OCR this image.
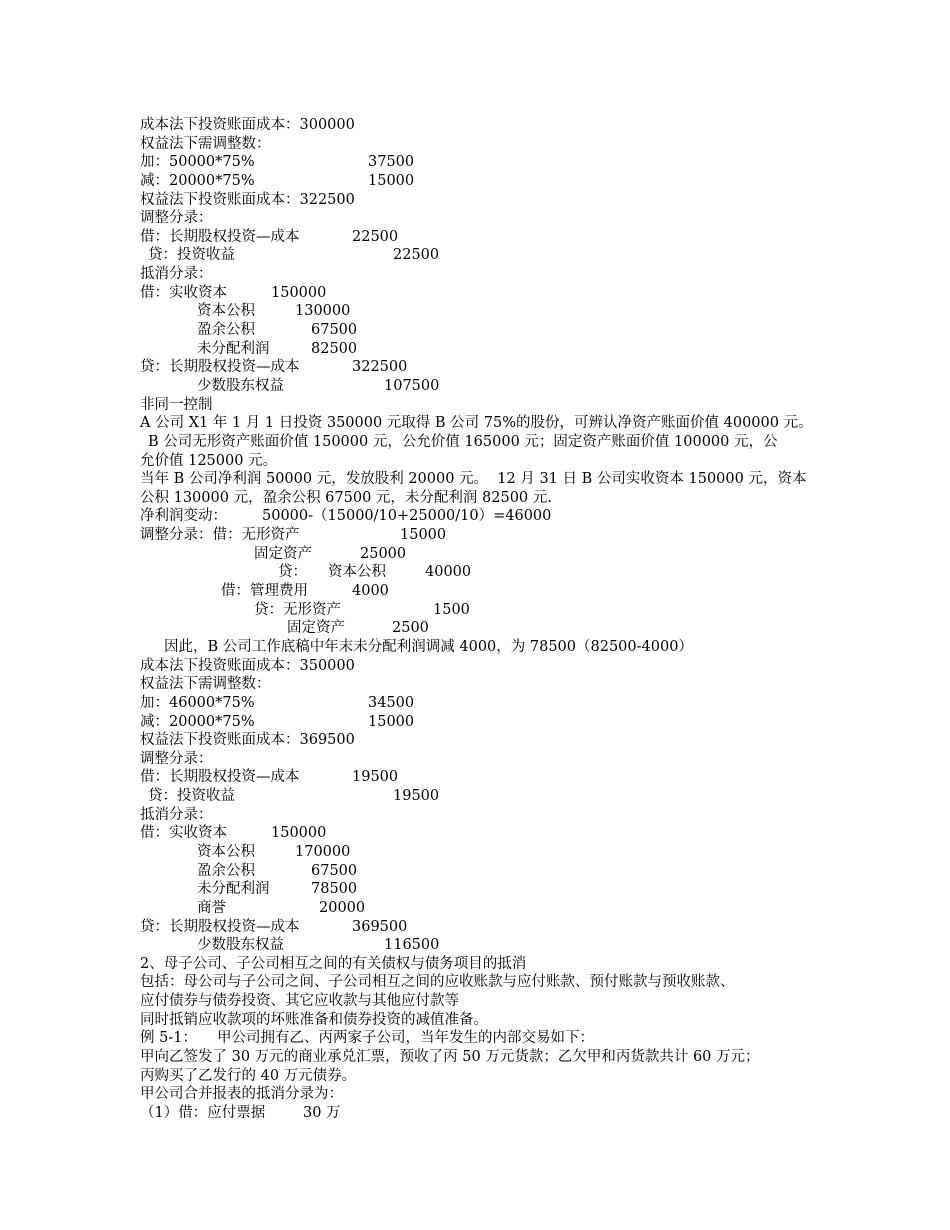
成本法下投资账面成本：300000
权益法下需调整数：
加：50000*75%	37500
减：20000*75%	15000
权益法下投资账面成本：322500
调整分录：
借：长期股权投资—成本	22500
贷：投资收益	22500
抵消分录：
借：实收资本	150000
资本公积	130000
盈余公积	67500
未分配利润	82500
贷：长期股权投资—成本	322500
少数股东权益	107500
非同一控制
A 公司 X1 年 1 月 1 日投资 350000 元取得 B 公司 75%的股份，可辨认净资产账面价值 400000 元。
B 公司无形资产账面价值 150000 元，公允价值 165000 元；固定资产账面价值 100000 元，公
允价值 125000 元。
当年 B 公司净利润 50000 元，发放股利 20000 元。  12 月 31 日 B 公司实收资本 150000 元，资本
公积 130000 元，盈余公积 67500 元，未分配利润 82500 元.
净利润变动： 50000-（15000/10+25000/10）=46000
调整分录：借：无形资产	15000
固定资产	25000
贷： 资本公积	40000
借：管理费用	4000
贷：无形资产	1500
固定资产	2500
因此，B 公司工作底稿中年末未分配利润调减 4000，为 78500（82500-4000）
成本法下投资账面成本：350000
权益法下需调整数：
加：46000*75%	34500
减：20000*75%	15000
权益法下投资账面成本：369500
调整分录：
借：长期股权投资—成本	19500
贷：投资收益	19500
抵消分录：
借：实收资本	150000
资本公积	170000
盈余公积	67500
未分配利润	78500
商誉	20000
贷：长期股权投资—成本	369500
少数股东权益	116500
2、母子公司、子公司相互之间的有关债权与债务项目的抵消
包括：母公司与子公司之间、子公司相互之间的应收账款与应付账款、预付账款与预收账款、
应付债券与债券投资、其它应收款与其他应付款等
同时抵销应收款项的坏账准备和债券投资的减值准备。
例 5-1： 甲公司拥有乙、丙两家子公司，当年发生的内部交易如下：
甲向乙签发了 30 万元的商业承兑汇票，预收了丙 50 万元货款；乙欠甲和丙货款共计 60 万元；
丙购买了乙发行的 40 万元债券。
甲公司合并报表的抵消分录为：
（1）借：应付票据	30 万
